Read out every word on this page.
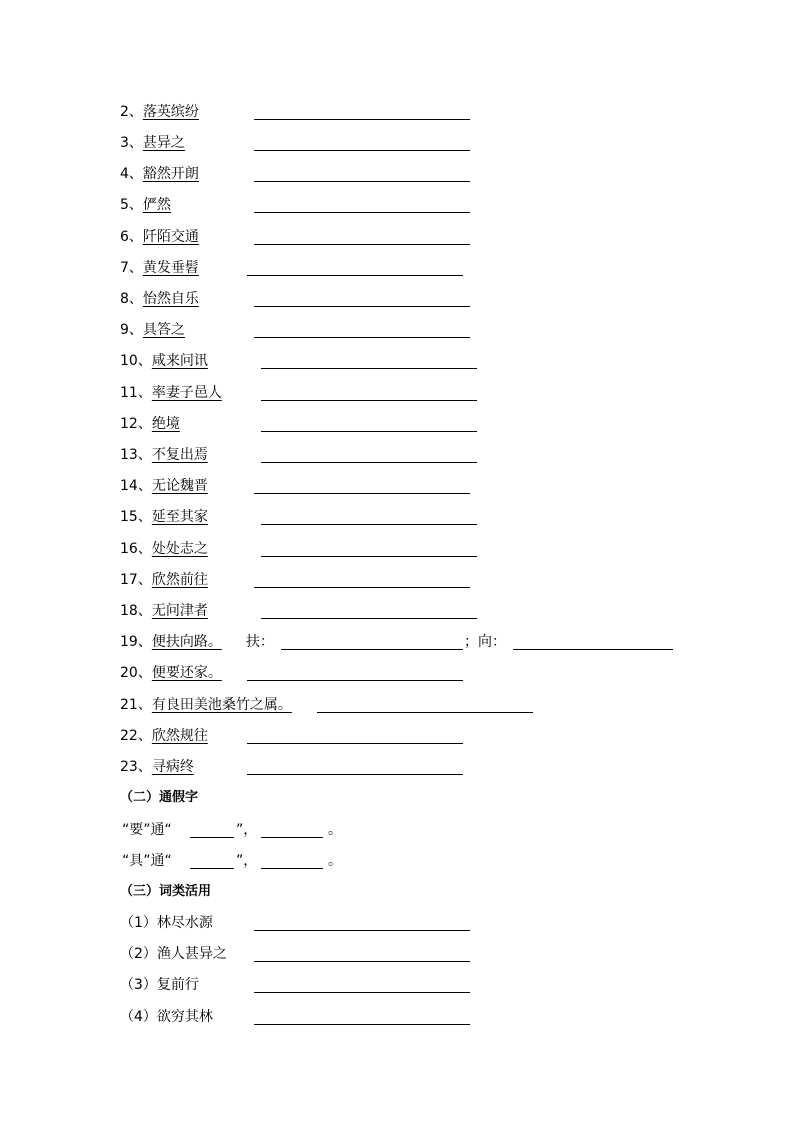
2、落英缤纷
3、甚异之
4、豁然开朗
5、俨然
6、阡陌交通
7、黄发垂髫
8、怡然自乐
9、具答之
10、咸来问讯
11、率妻子邑人
12、绝境
13、不复出焉
14、无论魏晋
15、延至其家
16、处处志之
17、欣然前往
18、无问津者
19、便扶向路。 扶：	；向：
20、便要还家。
21、有良田美池桑竹之属。
22、欣然规往
23、寻病终
（二）通假字
“要”通“	”，	。
“具”通“	”，	。
（三）词类活用
（1）林尽水源
（2）渔人甚异之
（3）复前行
（4）欲穷其林
